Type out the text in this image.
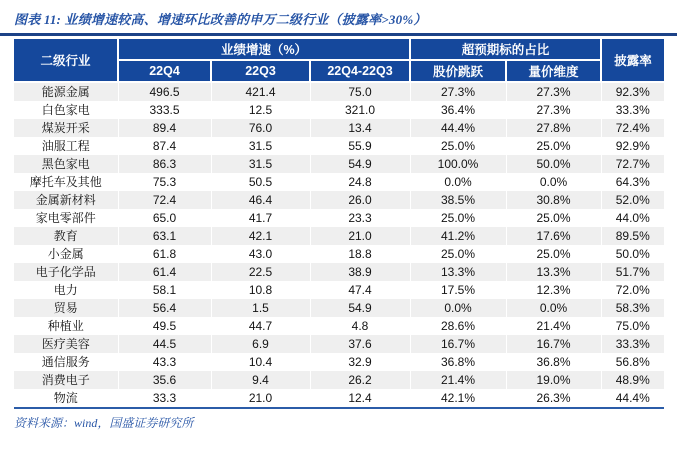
图表 11: 业绩增速较高、增速环比改善的申万二级行业（披露率>30%）
二级行业	业绩增速（%）			超预期标的占比		披露率
	22Q4	22Q3	22Q4-22Q3	股价跳跃	量价维度	
能源金属	496.5	421.4	75.0	27.3%	27.3%	92.3%
白色家电	333.5	12.5	321.0	36.4%	27.3%	33.3%
煤炭开采	89.4	76.0	13.4	44.4%	27.8%	72.4%
油服工程	87.4	31.5	55.9	25.0%	25.0%	92.9%
黑色家电	86.3	31.5	54.9	100.0%	50.0%	72.7%
摩托车及其他	75.3	50.5	24.8	0.0%	0.0%	64.3%
金属新材料	72.4	46.4	26.0	38.5%	30.8%	52.0%
家电零部件	65.0	41.7	23.3	25.0%	25.0%	44.0%
教育	63.1	42.1	21.0	41.2%	17.6%	89.5%
小金属	61.8	43.0	18.8	25.0%	25.0%	50.0%
电子化学品	61.4	22.5	38.9	13.3%	13.3%	51.7%
电力	58.1	10.8	47.4	17.5%	12.3%	72.0%
贸易	56.4	1.5	54.9	0.0%	0.0%	58.3%
种植业	49.5	44.7	4.8	28.6%	21.4%	75.0%
医疗美容	44.5	6.9	37.6	16.7%	16.7%	33.3%
通信服务	43.3	10.4	32.9	36.8%	36.8%	56.8%
消费电子	35.6	9.4	26.2	21.4%	19.0%	48.9%
物流	33.3	21.0	12.4	42.1%	26.3%	44.4%
资料来源：wind，国盛证券研究所
